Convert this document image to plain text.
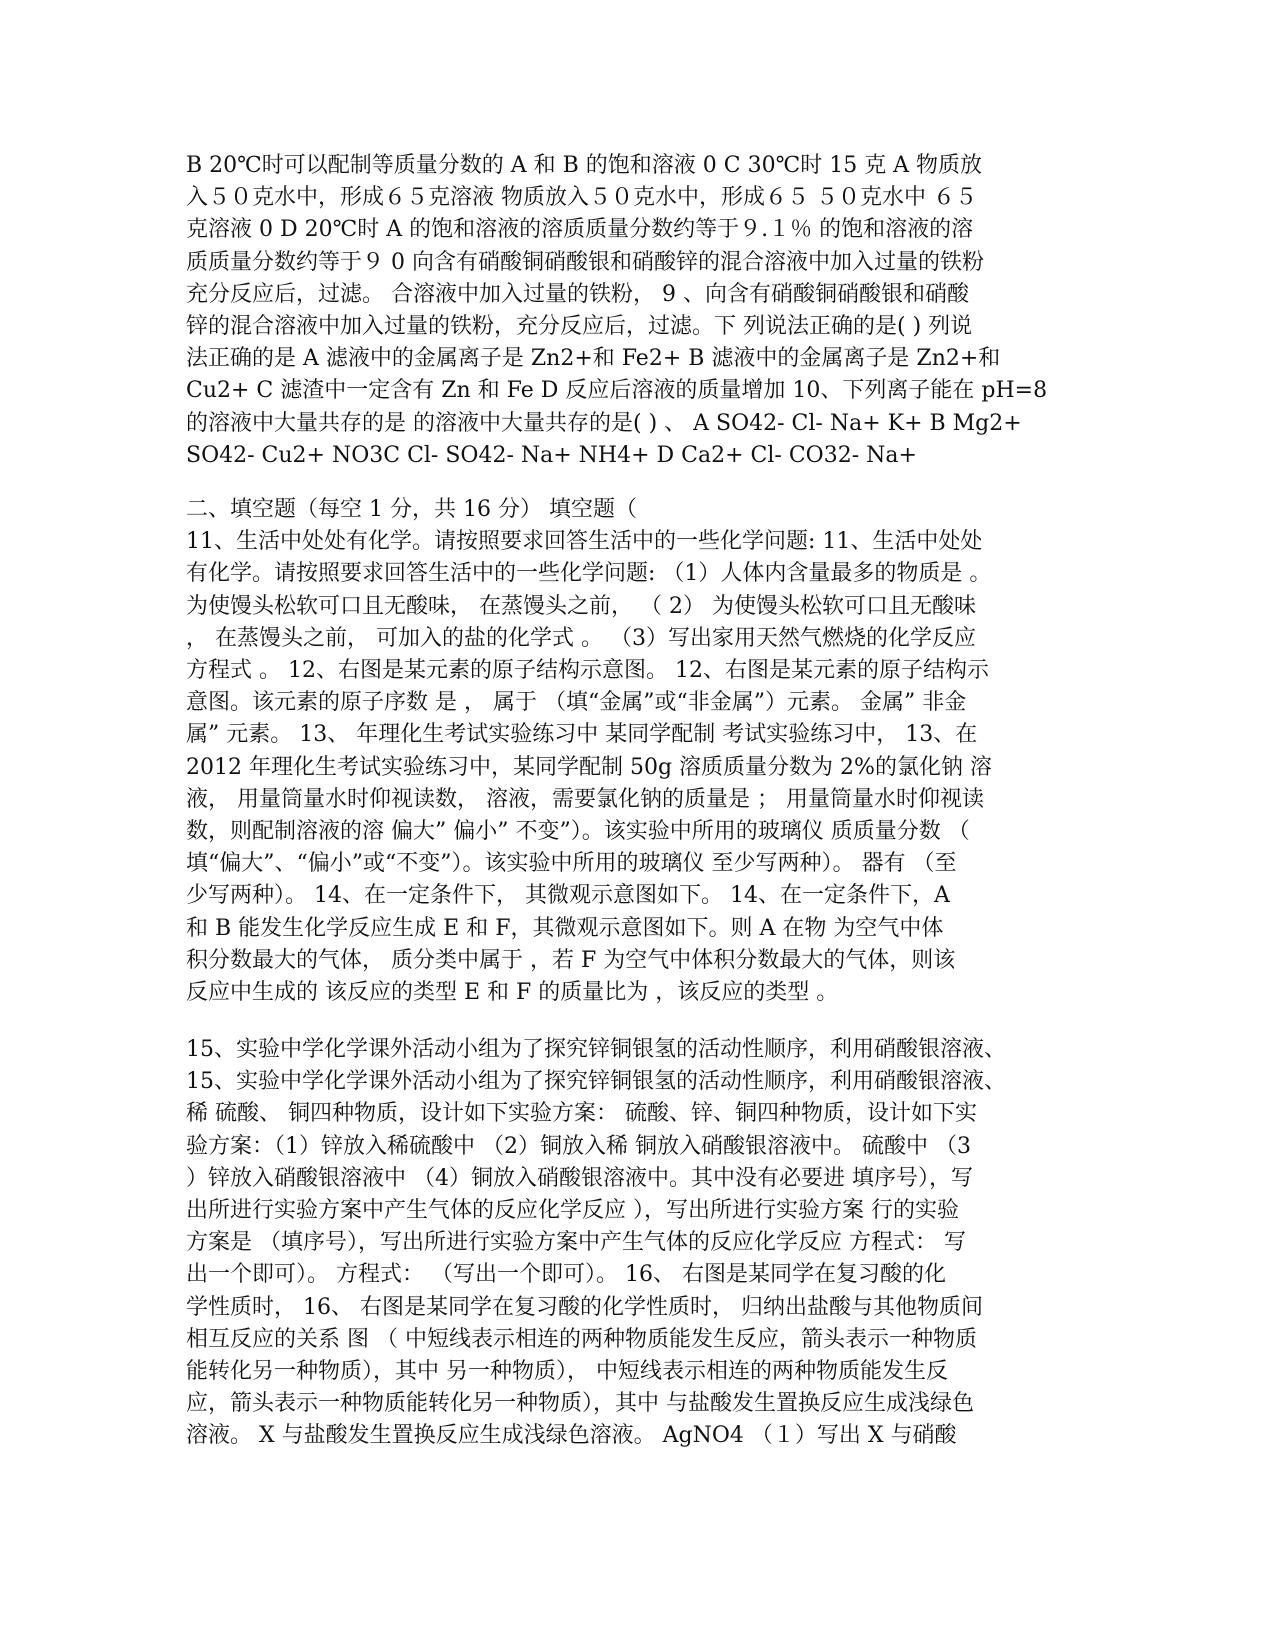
B 20℃时可以配制等质量分数的 A 和 B 的饱和溶液 0 C 30℃时 15 克 A 物质放
入５０克水中，形成６５克溶液 物质放入５０克水中，形成６５ ５０克水中 ６５
克溶液 0 D 20℃时 A 的饱和溶液的溶质质量分数约等于９.１％ 的饱和溶液的溶
质质量分数约等于９ 0 向含有硝酸铜硝酸银和硝酸锌的混合溶液中加入过量的铁粉
充分反应后，过滤。 合溶液中加入过量的铁粉， 9 、向含有硝酸铜硝酸银和硝酸
锌的混合溶液中加入过量的铁粉，充分反应后，过滤。下 列说法正确的是( ) 列说
法正确的是 A 滤液中的金属离子是 Zn2+和 Fe2+ B 滤液中的金属离子是 Zn2+和
Cu2+ C 滤渣中一定含有 Zn 和 Fe D 反应后溶液的质量增加 10、下列离子能在 pH=8
的溶液中大量共存的是 的溶液中大量共存的是( ) 、 A SO42- Cl- Na+ K+ B Mg2+
SO42- Cu2+ NO3C Cl- SO42- Na+ NH4+ D Ca2+ Cl- CO32- Na+
二、填空题（每空 1 分，共 16 分） 填空题（
11、生活中处处有化学。请按照要求回答生活中的一些化学问题: 11、生活中处处
有化学。请按照要求回答生活中的一些化学问题: （1）人体内含量最多的物质是 。
为使馒头松软可口且无酸味， 在蒸馒头之前， （ 2） 为使馒头松软可口且无酸味
， 在蒸馒头之前， 可加入的盐的化学式 。 （3）写出家用天然气燃烧的化学反应
方程式 。 12、右图是某元素的原子结构示意图。 12、右图是某元素的原子结构示
意图。该元素的原子序数 是 ， 属于 （填“金属”或“非金属”）元素。 金属” 非金
属” 元素。 13、 年理化生考试实验练习中 某同学配制 考试实验练习中， 13、在
2012 年理化生考试实验练习中，某同学配制 50g 溶质质量分数为 2%的氯化钠 溶
液， 用量筒量水时仰视读数， 溶液，需要氯化钠的质量是 ； 用量筒量水时仰视读
数，则配制溶液的溶 偏大” 偏小” 不变”）。该实验中所用的玻璃仪 质质量分数 （
填“偏大”、“偏小”或“不变”）。该实验中所用的玻璃仪 至少写两种）。 器有 （至
少写两种）。 14、在一定条件下， 其微观示意图如下。 14、在一定条件下，A
和 B 能发生化学反应生成 E 和 F，其微观示意图如下。则 A 在物 为空气中体
积分数最大的气体， 质分类中属于 ，若 F 为空气中体积分数最大的气体，则该
反应中生成的 该反应的类型 E 和 F 的质量比为 ，该反应的类型 。
15、实验中学化学课外活动小组为了探究锌铜银氢的活动性顺序，利用硝酸银溶液、
15、实验中学化学课外活动小组为了探究锌铜银氢的活动性顺序，利用硝酸银溶液、
稀 硫酸、 铜四种物质，设计如下实验方案： 硫酸、锌、铜四种物质，设计如下实
验方案：（1）锌放入稀硫酸中 （2）铜放入稀 铜放入硝酸银溶液中。 硫酸中 （3
）锌放入硝酸银溶液中 （4）铜放入硝酸银溶液中。其中没有必要进 填序号），写
出所进行实验方案中产生气体的反应化学反应 ），写出所进行实验方案 行的实验
方案是 （填序号），写出所进行实验方案中产生气体的反应化学反应 方程式： 写
出一个即可）。 方程式： （写出一个即可）。 16、 右图是某同学在复习酸的化
学性质时， 16、 右图是某同学在复习酸的化学性质时， 归纳出盐酸与其他物质间
相互反应的关系 图 （ 中短线表示相连的两种物质能发生反应，箭头表示一种物质
能转化另一种物质），其中 另一种物质）， 中短线表示相连的两种物质能发生反
应，箭头表示一种物质能转化另一种物质），其中 与盐酸发生置换反应生成浅绿色
溶液。 X 与盐酸发生置换反应生成浅绿色溶液。 AgNO4 （１）写出 X 与硝酸
